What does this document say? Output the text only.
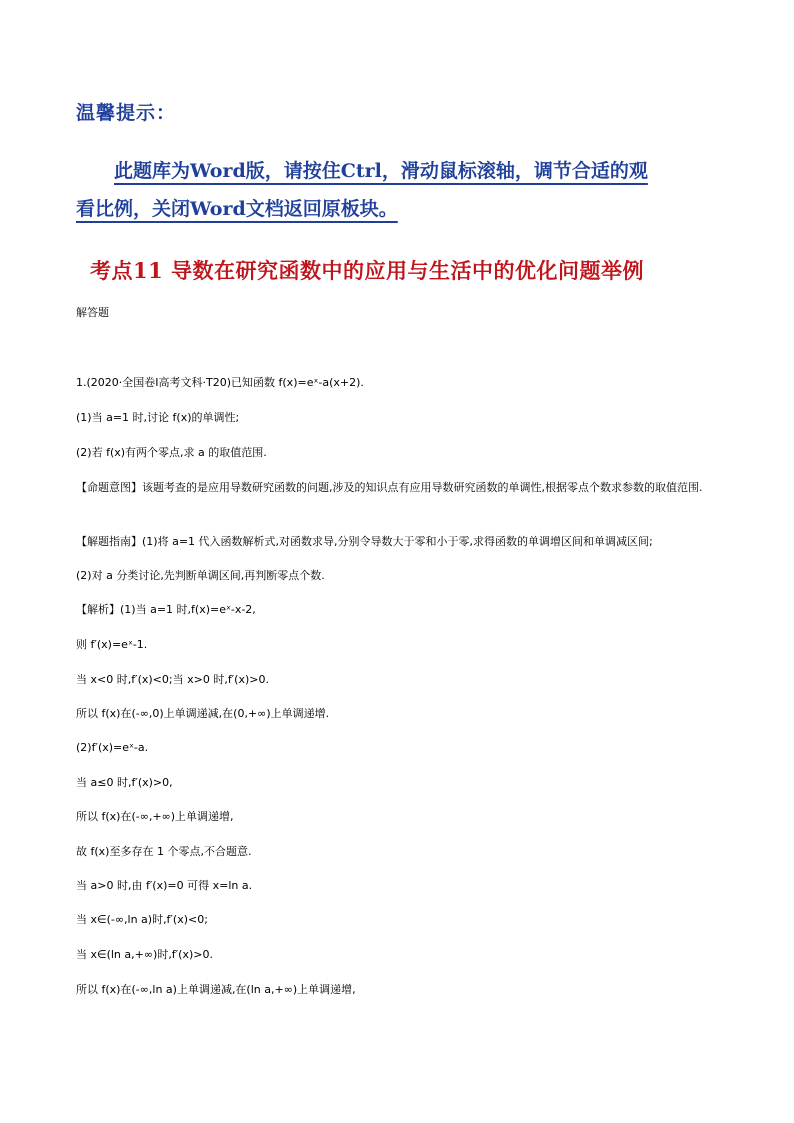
温馨提示：
此题库为Word版，请按住Ctrl，滑动鼠标滚轴，调节合适的观
看比例，关闭Word文档返回原板块。
考点11 导数在研究函数中的应用与生活中的优化问题举例
解答题
1.(2020·全国卷Ⅰ高考文科·T20)已知函数 f(x)=eˣ-a(x+2).
(1)当 a=1 时,讨论 f(x)的单调性;
(2)若 f(x)有两个零点,求 a 的取值范围.
【命题意图】该题考查的是应用导数研究函数的问题,涉及的知识点有应用导数研究函数的单调性,根据零点个数求参数的取值范围.
【解题指南】(1)将 a=1 代入函数解析式,对函数求导,分别令导数大于零和小于零,求得函数的单调增区间和单调减区间;
(2)对 a 分类讨论,先判断单调区间,再判断零点个数.
【解析】(1)当 a=1 时,f(x)=eˣ-x-2,
则 f′(x)=eˣ-1.
当 x<0 时,f′(x)<0;当 x>0 时,f′(x)>0.
所以 f(x)在(-∞,0)上单调递减,在(0,+∞)上单调递增.
(2)f′(x)=eˣ-a.
当 a≤0 时,f′(x)>0,
所以 f(x)在(-∞,+∞)上单调递增,
故 f(x)至多存在 1 个零点,不合题意.
当 a>0 时,由 f′(x)=0 可得 x=ln a.
当 x∈(-∞,ln a)时,f′(x)<0;
当 x∈(ln a,+∞)时,f′(x)>0.
所以 f(x)在(-∞,ln a)上单调递减,在(ln a,+∞)上单调递增,
